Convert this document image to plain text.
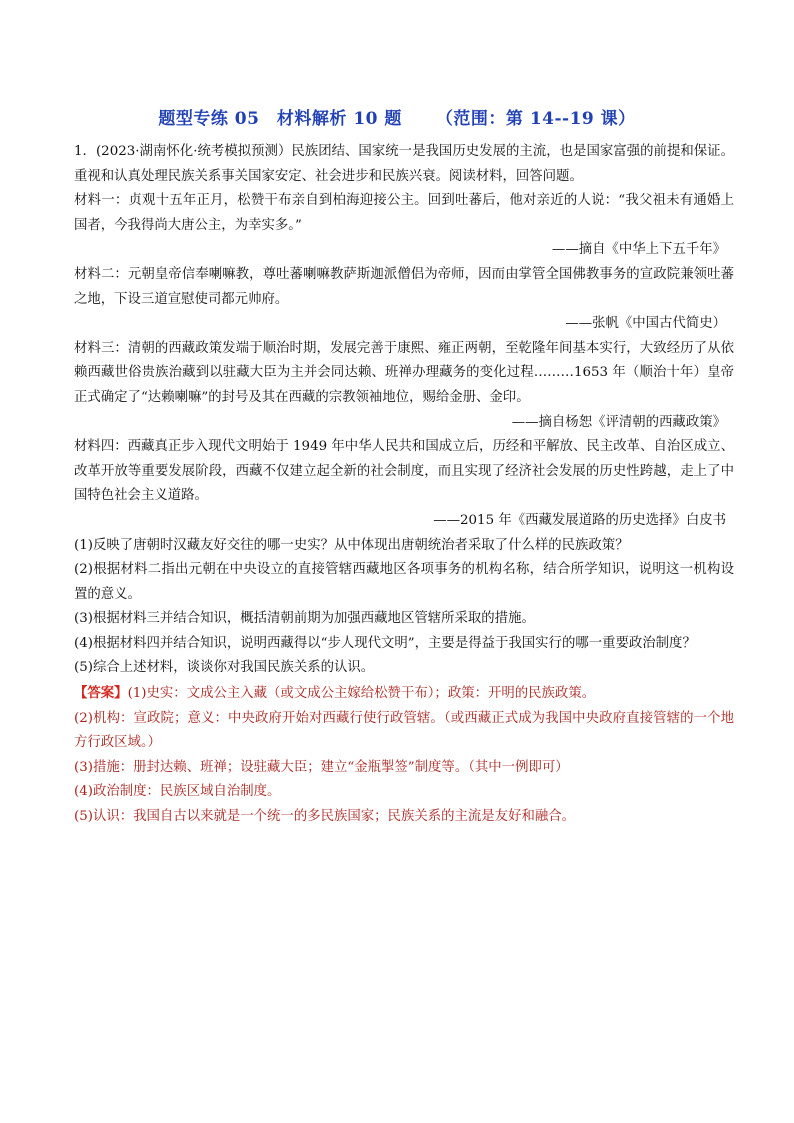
题型专练 05　材料解析 10 题 （范围：第 14--19 课）

1．(2023·湖南怀化·统考模拟预测）民族团结、国家统一是我国历史发展的主流，也是国家富强的前提和保证。重视和认真处理民族关系事关国家安定、社会进步和民族兴衰。阅读材料，回答问题。

材料一：贞观十五年正月，松赞干布亲自到柏海迎接公主。回到吐蕃后，他对亲近的人说：“我父祖未有通婚上国者，今我得尚大唐公主，为幸实多。”

——摘自《中华上下五千年》

材料二：元朝皇帝信奉喇嘛教，尊吐蕃喇嘛教萨斯迦派僧侣为帝师，因而由掌管全国佛教事务的宣政院兼领吐蕃之地，下设三道宣慰使司都元帅府。

——张帆《中国古代简史）

材料三：清朝的西藏政策发端于顺治时期，发展完善于康熙、雍正两朝，至乾隆年间基本实行，大致经历了从依赖西藏世俗贵族治藏到以驻藏大臣为主并会同达赖、班禅办理藏务的变化过程………1653 年（顺治十年）皇帝正式确定了“达赖喇嘛”的封号及其在西藏的宗教领袖地位，赐给金册、金印。

——摘自杨恕《评清朝的西藏政策》

材料四：西藏真正步入现代文明始于 1949 年中华人民共和国成立后，历经和平解放、民主改革、自治区成立、改革开放等重要发展阶段，西藏不仅建立起全新的社会制度，而且实现了经济社会发展的历史性跨越，走上了中国特色社会主义道路。

——2015 年《西藏发展道路的历史选择》白皮书

(1)反映了唐朝时汉藏友好交往的哪一史实？从中体现出唐朝统治者采取了什么样的民族政策？

(2)根据材料二指出元朝在中央设立的直接管辖西藏地区各项事务的机构名称，结合所学知识，说明这一机构设置的意义。

(3)根据材料三并结合知识，概括清朝前期为加强西藏地区管辖所采取的措施。

(4)根据材料四并结合知识，说明西藏得以“步人现代文明”，主要是得益于我国实行的哪一重要政治制度？

(5)综合上述材料，谈谈你对我国民族关系的认识。

【答案】(1)史实：文成公主入藏（或文成公主嫁给松赞干布）；政策：开明的民族政策。

(2)机构：宣政院；意义：中央政府开始对西藏行使行政管辖。（或西藏正式成为我国中央政府直接管辖的一个地方行政区域。）

(3)措施：册封达赖、班禅；设驻藏大臣；建立“金瓶掣签”制度等。（其中一例即可）

(4)政治制度：民族区域自治制度。

(5)认识：我国自古以来就是一个统一的多民族国家；民族关系的主流是友好和融合。
